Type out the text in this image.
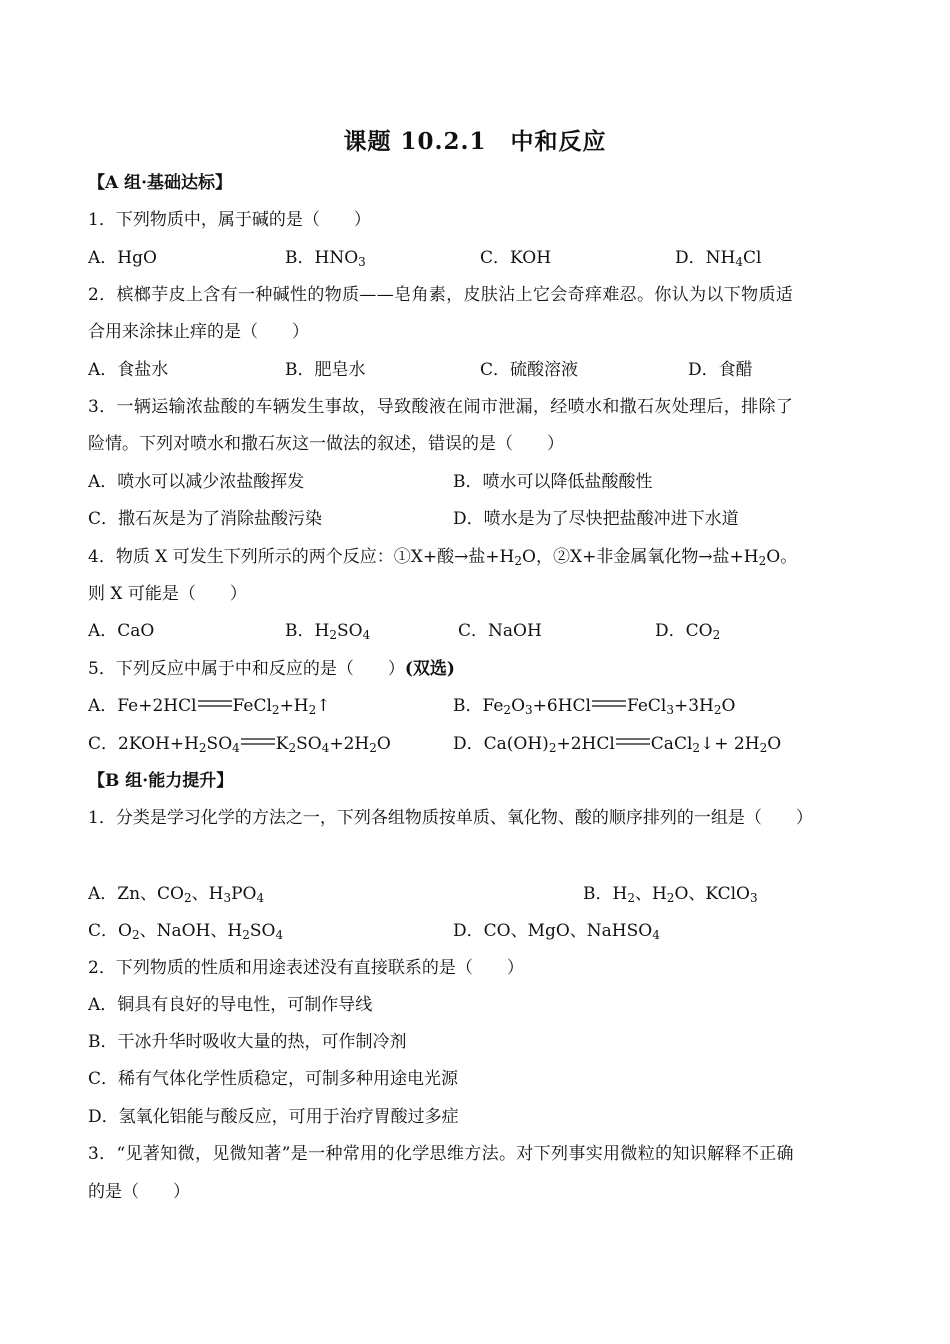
课题 10.2.1　中和反应
【A 组·基础达标】
1．下列物质中，属于碱的是（　　）
A．HgO	B．$HNO_3$	C．KOH	D．$NH_4Cl$
2．槟榔芋皮上含有一种碱性的物质——皂角素，皮肤沾上它会奇痒难忍。你认为以下物质适
合用来涂抹止痒的是（　　）
A．食盐水	B．肥皂水	C．硫酸溶液	D．食醋
3．一辆运输浓盐酸的车辆发生事故，导致酸液在闹市泄漏，经喷水和撒石灰处理后，排除了
险情。下列对喷水和撒石灰这一做法的叙述，错误的是（　　）
A．喷水可以减少浓盐酸挥发	B．喷水可以降低盐酸酸性
C．撒石灰是为了消除盐酸污染	D．喷水是为了尽快把盐酸冲进下水道
4．物质 X 可发生下列所示的两个反应：①X+酸→盐$+H_2O$，②X+非金属氧化物→盐$+H_2O$。
则 X 可能是（　　）
A．CaO	B．$H_2SO_4$	C．NaOH	D．$CO_2$
5．下列反应中属于中和反应的是（　　）(双选)
A．Fe+2HCl $FeCl_2+H_2↑$	B．$Fe_2O_3+6HCl$ $FeCl_3+3H_2O$
C．$2KOH+H_2SO_4$ $K_2SO_4+2H_2O$	D．$Ca(OH)_2+2HCl$ CaCl$_2$↓+ $2H_2O$
【B 组·能力提升】
1．分类是学习化学的方法之一，下列各组物质按单质、氧化物、酸的顺序排列的一组是（　　）
A．Zn、$CO_2$、$H_3PO_4$	B．$H_2$、$H_2O$、KClO$_3$
C．$O_2$、NaOH、$H_2SO_4$	D．CO、MgO、NaHSO$_4$
2．下列物质的性质和用途表述没有直接联系的是（　　）
A．铜具有良好的导电性，可制作导线
B．干冰升华时吸收大量的热，可作制冷剂
C．稀有气体化学性质稳定，可制多种用途电光源
D．氢氧化铝能与酸反应，可用于治疗胃酸过多症
3．“见著知微，见微知著”是一种常用的化学思维方法。对下列事实用微粒的知识解释不正确
的是（　　）
